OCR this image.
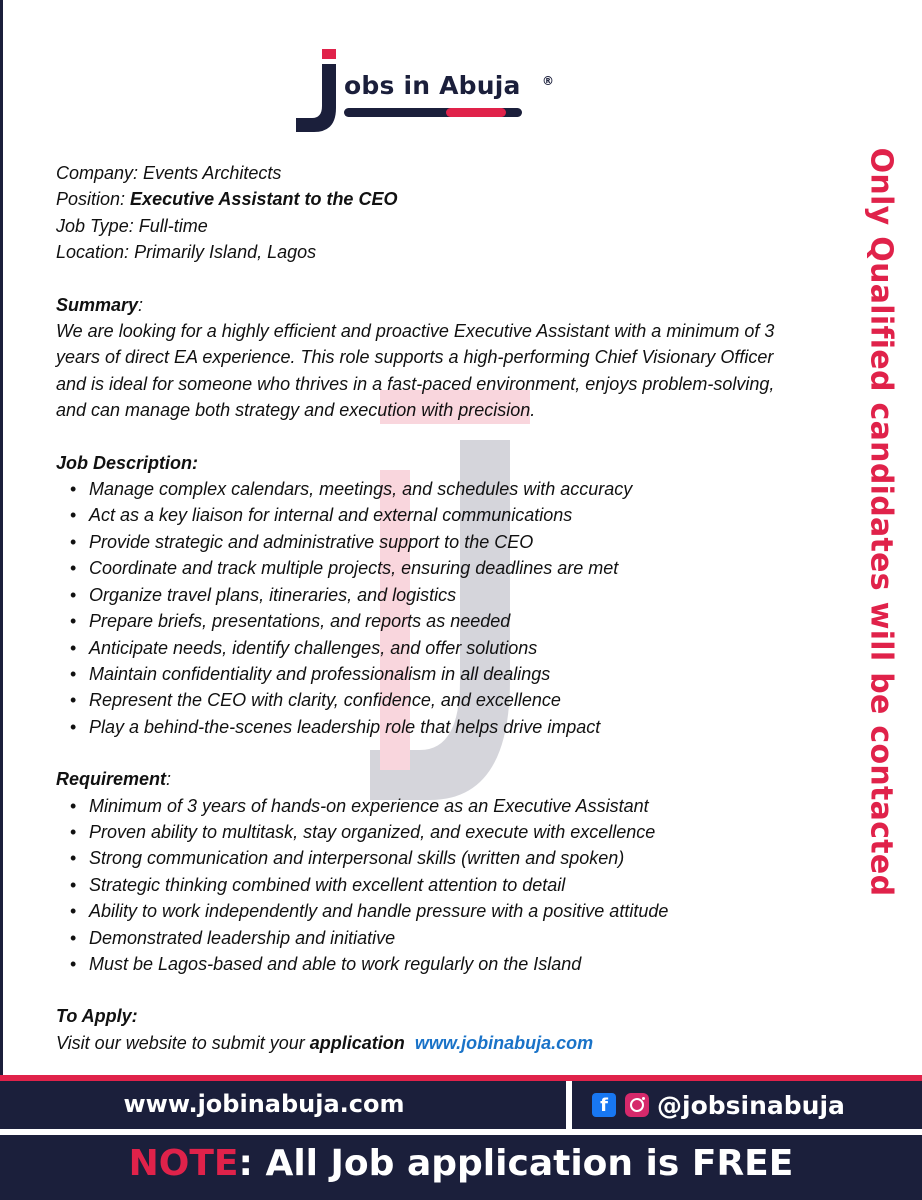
obs in Abuja ®
Company: Events Architects
Position: Executive Assistant to the CEO
Job Type: Full-time
Location: Primarily Island, Lagos
Summary:
We are looking for a highly efficient and proactive Executive Assistant with a minimum of 3
years of direct EA experience. This role supports a high-performing Chief Visionary Officer
and is ideal for someone who thrives in a fast-paced environment, enjoys problem-solving,
and can manage both strategy and execution with precision.
Job Description:
• Manage complex calendars, meetings, and schedules with accuracy
• Act as a key liaison for internal and external communications
• Provide strategic and administrative support to the CEO
• Coordinate and track multiple projects, ensuring deadlines are met
• Organize travel plans, itineraries, and logistics
• Prepare briefs, presentations, and reports as needed
• Anticipate needs, identify challenges, and offer solutions
• Maintain confidentiality and professionalism in all dealings
• Represent the CEO with clarity, confidence, and excellence
• Play a behind-the-scenes leadership role that helps drive impact
Requirement:
• Minimum of 3 years of hands-on experience as an Executive Assistant
• Proven ability to multitask, stay organized, and execute with excellence
• Strong communication and interpersonal skills (written and spoken)
• Strategic thinking combined with excellent attention to detail
• Ability to work independently and handle pressure with a positive attitude
• Demonstrated leadership and initiative
• Must be Lagos-based and able to work regularly on the Island
To Apply:
Visit our website to submit your application www.jobinabuja.com
Only Qualified candidates will be contacted
www.jobinabuja.com	f	@jobsinabuja
NOTE: All Job application is FREE
